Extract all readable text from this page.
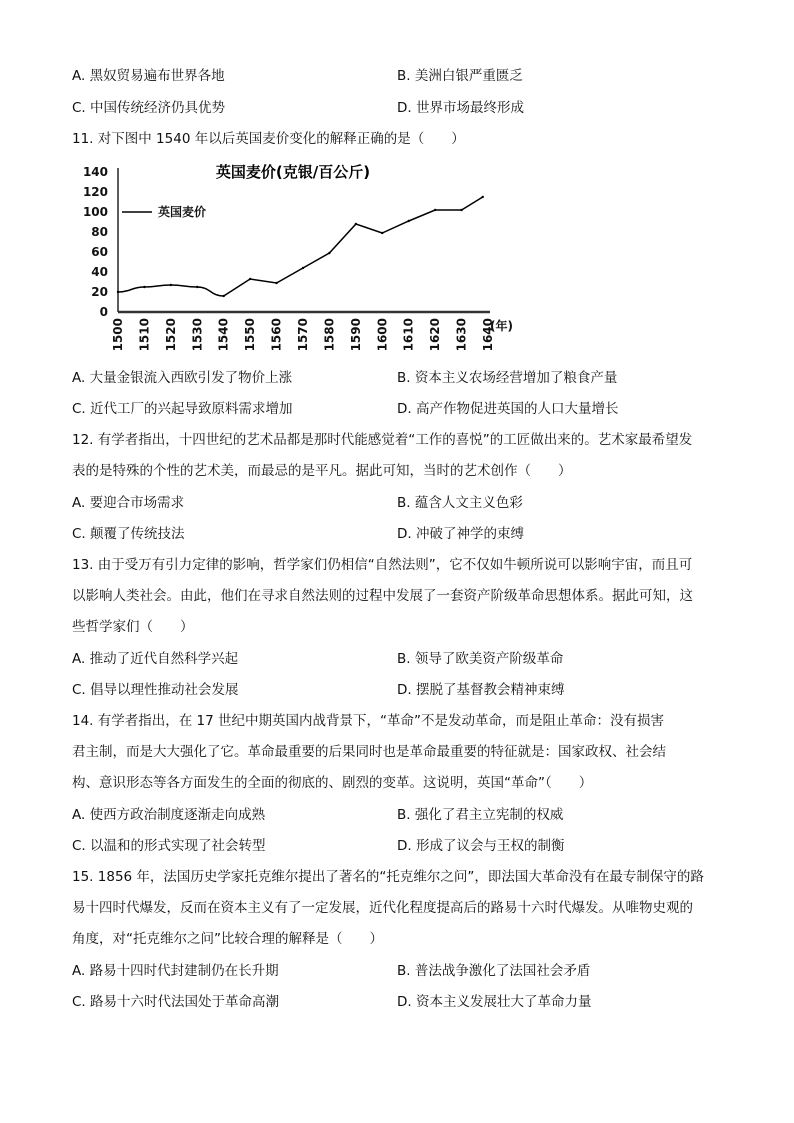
A. 黑奴贸易遍布世界各地	B. 美洲白银严重匮乏
C. 中国传统经济仍具优势	D. 世界市场最终形成
11. 对下图中 1540 年以后英国麦价变化的解释正确的是（　　）
英国麦价(克银/百公斤)
0
20
40
60
80
100
120
140
1500 1510 1520 1530 1540 1550 1560 1570 1580 1590 1600 1610 1620 1630 1640
英国麦价
(年)
A. 大量金银流入西欧引发了物价上涨	B. 资本主义农场经营增加了粮食产量
C. 近代工厂的兴起导致原料需求增加	D. 高产作物促进英国的人口大量增长
12. 有学者指出，十四世纪的艺术品都是那时代能感觉着“工作的喜悦”的工匠做出来的。艺术家最希望发
表的是特殊的个性的艺术美，而最忌的是平凡。据此可知，当时的艺术创作（　　）
A. 要迎合市场需求	B. 蕴含人文主义色彩
C. 颠覆了传统技法	D. 冲破了神学的束缚
13. 由于受万有引力定律的影响，哲学家们仍相信“自然法则”，它不仅如牛顿所说可以影响宇宙，而且可
以影响人类社会。由此，他们在寻求自然法则的过程中发展了一套资产阶级革命思想体系。据此可知，这
些哲学家们（　　）
A. 推动了近代自然科学兴起	B. 领导了欧美资产阶级革命
C. 倡导以理性推动社会发展	D. 摆脱了基督教会精神束缚
14. 有学者指出，在 17 世纪中期英国内战背景下，“革命”不是发动革命，而是阻止革命：没有损害
君主制，而是大大强化了它。革命最重要的后果同时也是革命最重要的特征就是：国家政权、社会结
构、意识形态等各方面发生的全面的彻底的、剧烈的变革。这说明，英国“革命”（　　）
A. 使西方政治制度逐渐走向成熟	B. 强化了君主立宪制的权威
C. 以温和的形式实现了社会转型	D. 形成了议会与王权的制衡
15. 1856 年，法国历史学家托克维尔提出了著名的“托克维尔之问”，即法国大革命没有在最专制保守的路
易十四时代爆发，反而在资本主义有了一定发展，近代化程度提高后的路易十六时代爆发。从唯物史观的
角度，对“托克维尔之问”比较合理的解释是（　　）
A. 路易十四时代封建制仍在长升期	B. 普法战争激化了法国社会矛盾
C. 路易十六时代法国处于革命高潮	D. 资本主义发展壮大了革命力量
